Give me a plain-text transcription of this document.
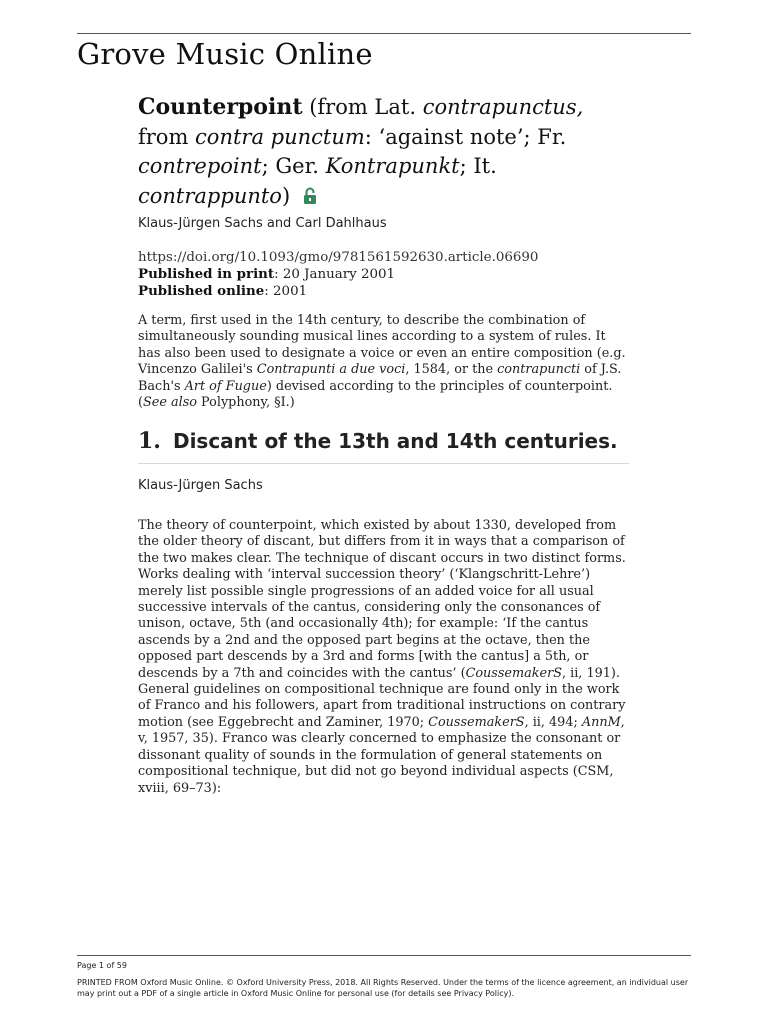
Grove Music Online
Counterpoint (from Lat. contrapunctus,
from contra punctum: ‘against note’; Fr.
contrepoint; Ger. Kontrapunkt; It.
contrappunto)
Klaus-Jürgen Sachs and Carl Dahlhaus
https://doi.org/10.1093/gmo/9781561592630.article.06690
Published in print: 20 January 2001
Published online: 2001
A term, first used in the 14th century, to describe the combination of simultaneously sounding musical lines according to a system of rules. It has also been used to designate a voice or even an entire composition (e.g. Vincenzo Galilei's Contrapunti a due voci, 1584, or the contrapuncti of J.S. Bach's Art of Fugue) devised according to the principles of counterpoint. (See also Polyphony, §I.)
1. Discant of the 13th and 14th centuries.
Klaus-Jürgen Sachs
The theory of counterpoint, which existed by about 1330, developed from the older theory of discant, but differs from it in ways that a comparison of the two makes clear. The technique of discant occurs in two distinct forms. Works dealing with ‘interval succession theory’ (‘Klangschritt-Lehre’) merely list possible single progressions of an added voice for all usual successive intervals of the cantus, considering only the consonances of unison, octave, 5th (and occasionally 4th); for example: ‘If the cantus ascends by a 2nd and the opposed part begins at the octave, then the opposed part descends by a 3rd and forms [with the cantus] a 5th, or descends by a 7th and coincides with the cantus’ (CoussemakerS, ii, 191). General guidelines on compositional technique are found only in the work of Franco and his followers, apart from traditional instructions on contrary motion (see Eggebrecht and Zaminer, 1970; CoussemakerS, ii, 494; AnnM, v, 1957, 35). Franco was clearly concerned to emphasize the consonant or dissonant quality of sounds in the formulation of general statements on compositional technique, but did not go beyond individual aspects (CSM, xviii, 69–73):
Page 1 of 59
PRINTED FROM Oxford Music Online. © Oxford University Press, 2018. All Rights Reserved. Under the terms of the licence agreement, an individual user may print out a PDF of a single article in Oxford Music Online for personal use (for details see Privacy Policy).
